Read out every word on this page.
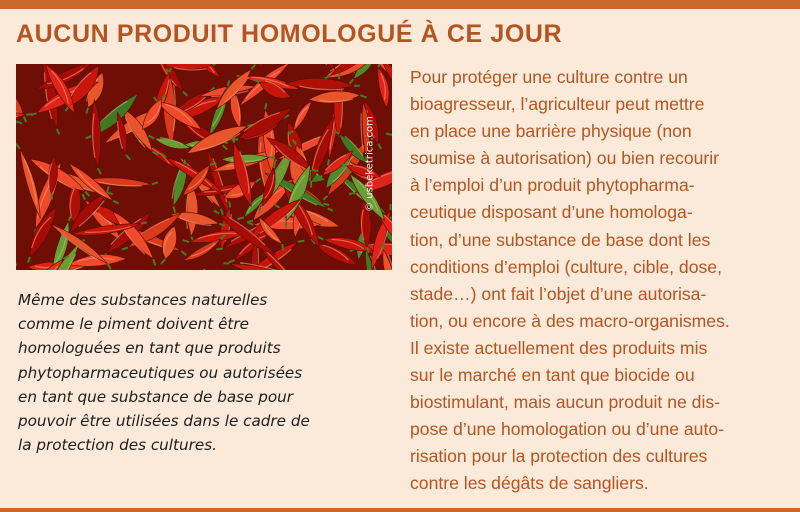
AUCUN PRODUIT HOMOLOGUÉ À CE JOUR
© usbeketrica.com
Même des substances naturelles
comme le piment doivent être
homologuées en tant que produits
phytopharmaceutiques ou autorisées
en tant que substance de base pour
pouvoir être utilisées dans le cadre de
la protection des cultures.
Pour protéger une culture contre un
bioagresseur, l’agriculteur peut mettre
en place une barrière physique (non
soumise à autorisation) ou bien recourir
à l’emploi d’un produit phytopharma-
ceutique disposant d’une homologa-
tion, d’une substance de base dont les
conditions d’emploi (culture, cible, dose,
stade…) ont fait l’objet d’une autorisa-
tion, ou encore à des macro-organismes.
Il existe actuellement des produits mis
sur le marché en tant que biocide ou
biostimulant, mais aucun produit ne dis-
pose d’une homologation ou d’une auto-
risation pour la protection des cultures
contre les dégâts de sangliers.
